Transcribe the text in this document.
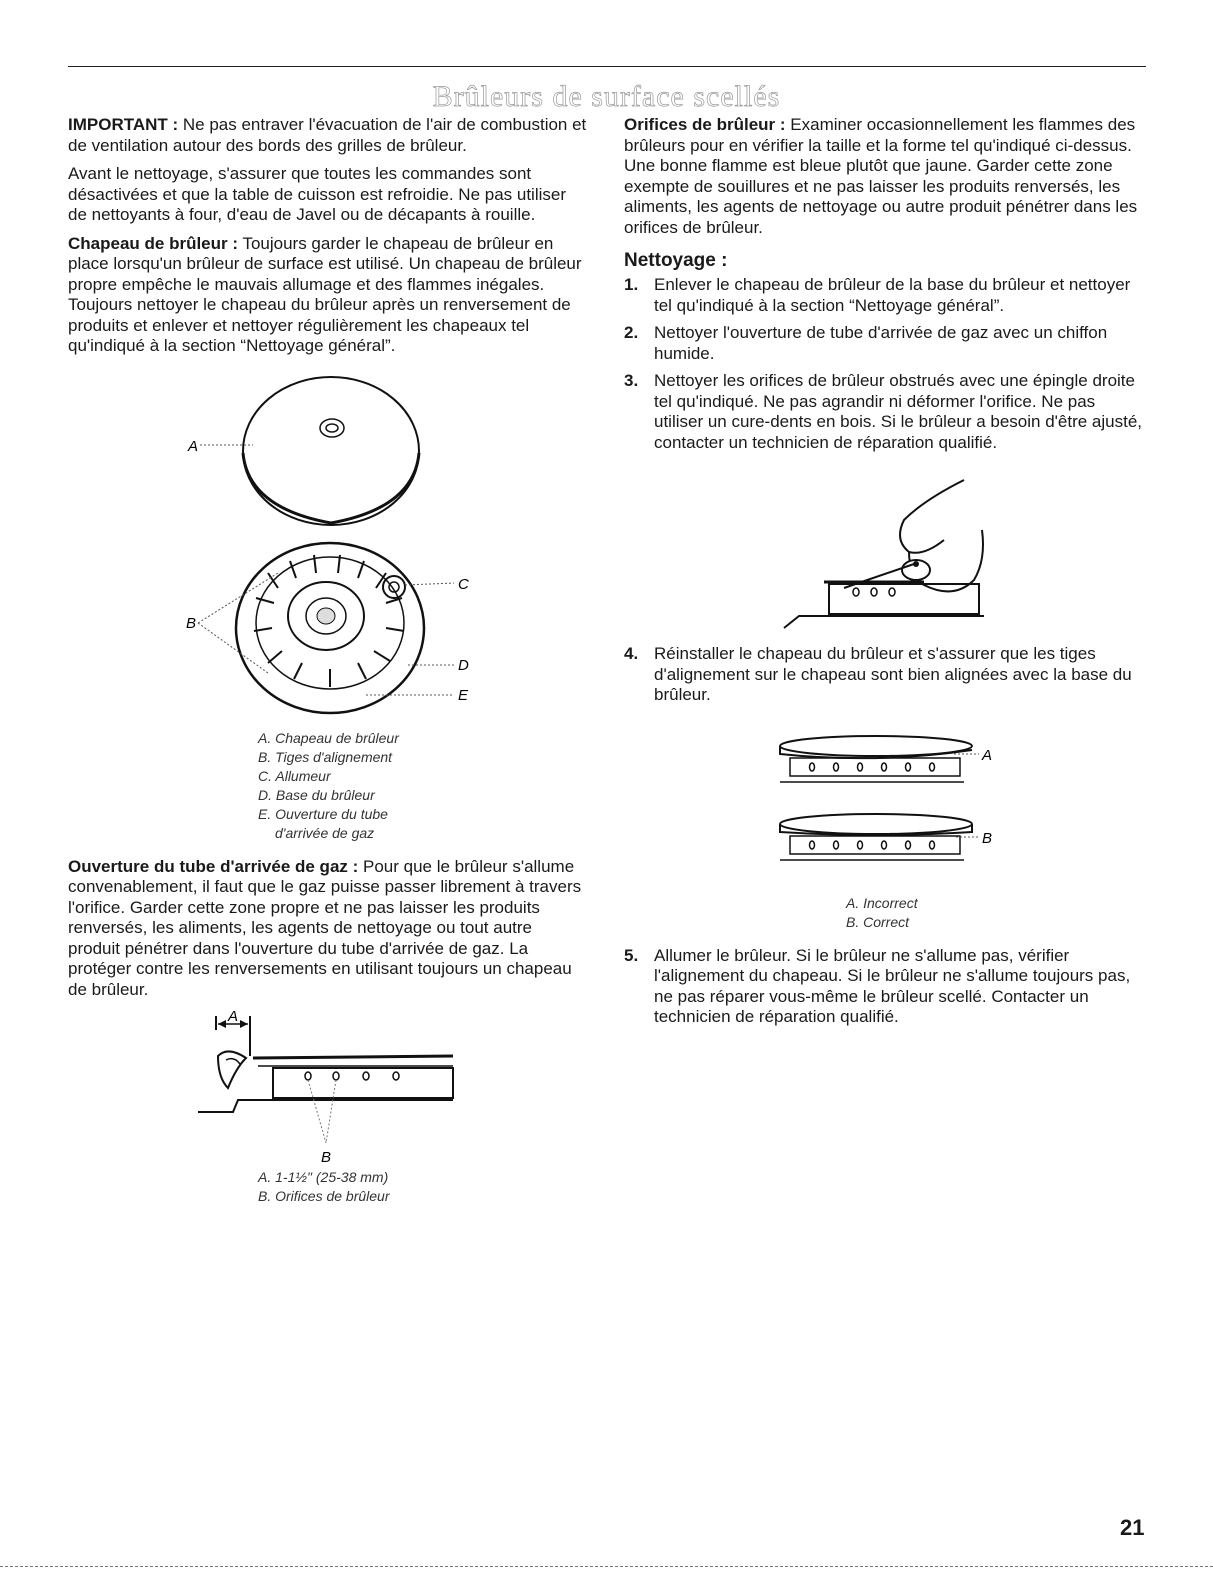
Brûleurs de surface scellés

IMPORTANT : Ne pas entraver l'évacuation de l'air de combustion et de ventilation autour des bords des grilles de brûleur.

Avant le nettoyage, s'assurer que toutes les commandes sont désactivées et que la table de cuisson est refroidie. Ne pas utiliser de nettoyants à four, d'eau de Javel ou de décapants à rouille.

Chapeau de brûleur : Toujours garder le chapeau de brûleur en place lorsqu'un brûleur de surface est utilisé. Un chapeau de brûleur propre empêche le mauvais allumage et des flammes inégales. Toujours nettoyer le chapeau du brûleur après un renversement de produits et enlever et nettoyer régulièrement les chapeaux tel qu'indiqué à la section “Nettoyage général”.

A
B
C
D
E
A. Chapeau de brûleur
B. Tiges d'alignement
C. Allumeur
D. Base du brûleur
E. Ouverture du tube
d'arrivée de gaz

Ouverture du tube d'arrivée de gaz : Pour que le brûleur s'allume convenablement, il faut que le gaz puisse passer librement à travers l'orifice. Garder cette zone propre et ne pas laisser les produits renversés, les aliments, les agents de nettoyage ou tout autre produit pénétrer dans l'ouverture du tube d'arrivée de gaz. La protéger contre les renversements en utilisant toujours un chapeau de brûleur.

A
B
A. 1-1½" (25-38 mm)
B. Orifices de brûleur

Orifices de brûleur : Examiner occasionnellement les flammes des brûleurs pour en vérifier la taille et la forme tel qu'indiqué ci-dessus. Une bonne flamme est bleue plutôt que jaune. Garder cette zone exempte de souillures et ne pas laisser les produits renversés, les aliments, les agents de nettoyage ou autre produit pénétrer dans les orifices de brûleur.

Nettoyage :
1. Enlever le chapeau de brûleur de la base du brûleur et nettoyer tel qu'indiqué à la section “Nettoyage général”.
2. Nettoyer l'ouverture de tube d'arrivée de gaz avec un chiffon humide.
3. Nettoyer les orifices de brûleur obstrués avec une épingle droite tel qu'indiqué. Ne pas agrandir ni déformer l'orifice. Ne pas utiliser un cure-dents en bois. Si le brûleur a besoin d'être ajusté, contacter un technicien de réparation qualifié.
4. Réinstaller le chapeau du brûleur et s'assurer que les tiges d'alignement sur le chapeau sont bien alignées avec la base du brûleur.
A
B
A. Incorrect
B. Correct
5. Allumer le brûleur. Si le brûleur ne s'allume pas, vérifier l'alignement du chapeau. Si le brûleur ne s'allume toujours pas, ne pas réparer vous-même le brûleur scellé. Contacter un technicien de réparation qualifié.
21
